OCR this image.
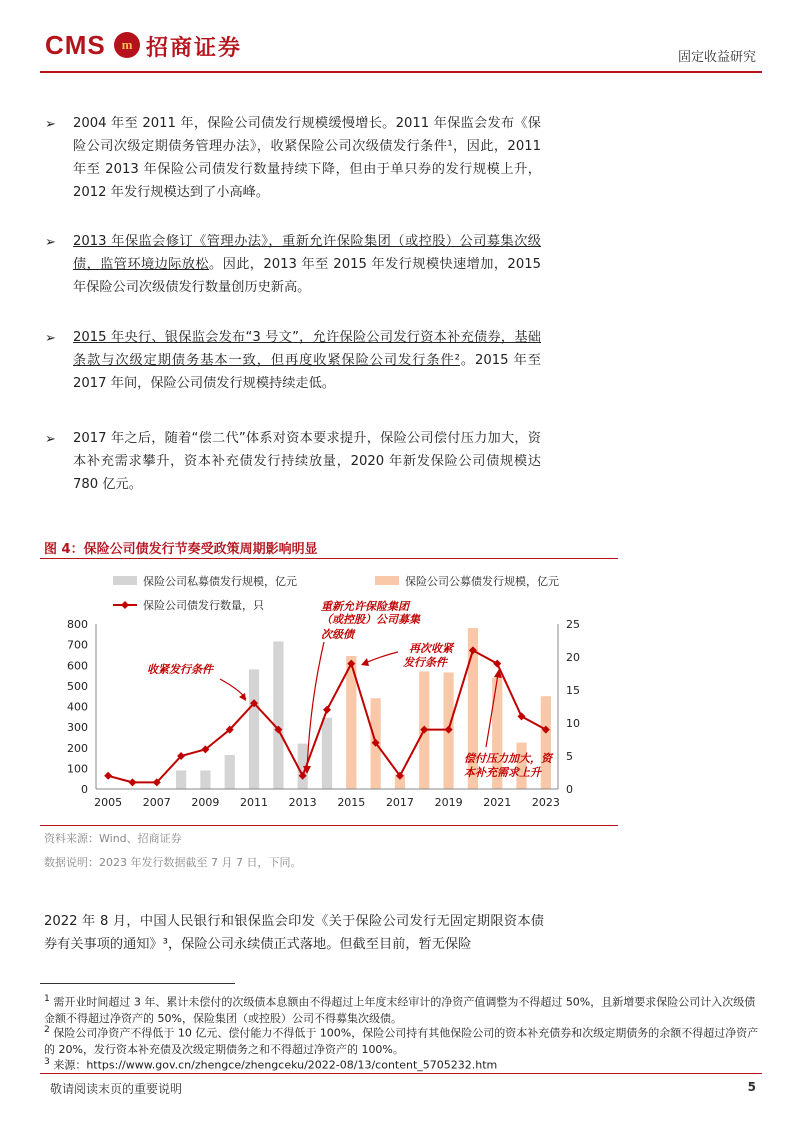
CMS	m 招商证券	固定收益研究
➢ 2004 年至 2011 年，保险公司债发行规模缓慢增长。2011 年保监会发布《保险公司次级定期债务管理办法》，收紧保险公司次级债发行条件¹，因此，2011 年至 2013 年保险公司债发行数量持续下降，但由于单只券的发行规模上升，2012 年发行规模达到了小高峰。
➢ 2013 年保监会修订《管理办法》，重新允许保险集团（或控股）公司募集次级债，监管环境边际放松。因此，2013 年至 2015 年发行规模快速增加，2015 年保险公司次级债发行数量创历史新高。
➢ 2015 年央行、银保监会发布“3 号文”，允许保险公司发行资本补充债券，基础条款与次级定期债务基本一致，但再度收紧保险公司发行条件²。2015 年至 2017 年间，保险公司债发行规模持续走低。
➢ 2017 年之后，随着“偿二代”体系对资本要求提升，保险公司偿付压力加大，资本补充需求攀升，资本补充债发行持续放量，2020 年新发保险公司债规模达 780 亿元。
图 4：保险公司债发行节奏受政策周期影响明显
0
100
200
300
400
500
600
700
800
0
5
10
15
20
25
2005 2007 2009 2011 2013 2015 2017 2019 2021 2023
保险公司私募债发行规模，亿元	保险公司公募债发行规模，亿元
保险公司债发行数量，只
收紧发行条件
重新允许保险集团
（或控股）公司募集
次级债
再次收紧
发行条件
偿付压力加大，资
本补充需求上升
资料来源：Wind、招商证券
数据说明：2023 年发行数据截至 7 月 7 日，下同。
2022 年 8 月，中国人民银行和银保监会印发《关于保险公司发行无固定期限资本债券有关事项的通知》³，保险公司永续债正式落地。但截至目前，暂无保险
$^1$ 需开业时间超过 3 年、累计未偿付的次级债本息额由不得超过上年度末经审计的净资产值调整为不得超过 50%，且新增要求保险公司计入次级债金额不得超过净资产的 50%，保险集团（或控股）公司不得募集次级债。
$^2$ 保险公司净资产不得低于 10 亿元、偿付能力不得低于 100%，保险公司持有其他保险公司的资本补充债券和次级定期债务的余额不得超过净资产的 20%，发行资本补充债及次级定期债务之和不得超过净资产的 100%。
$^3$ 来源：https://www.gov.cn/zhengce/zhengceku/2022-08/13/content_5705232.htm
敬请阅读末页的重要说明	5
